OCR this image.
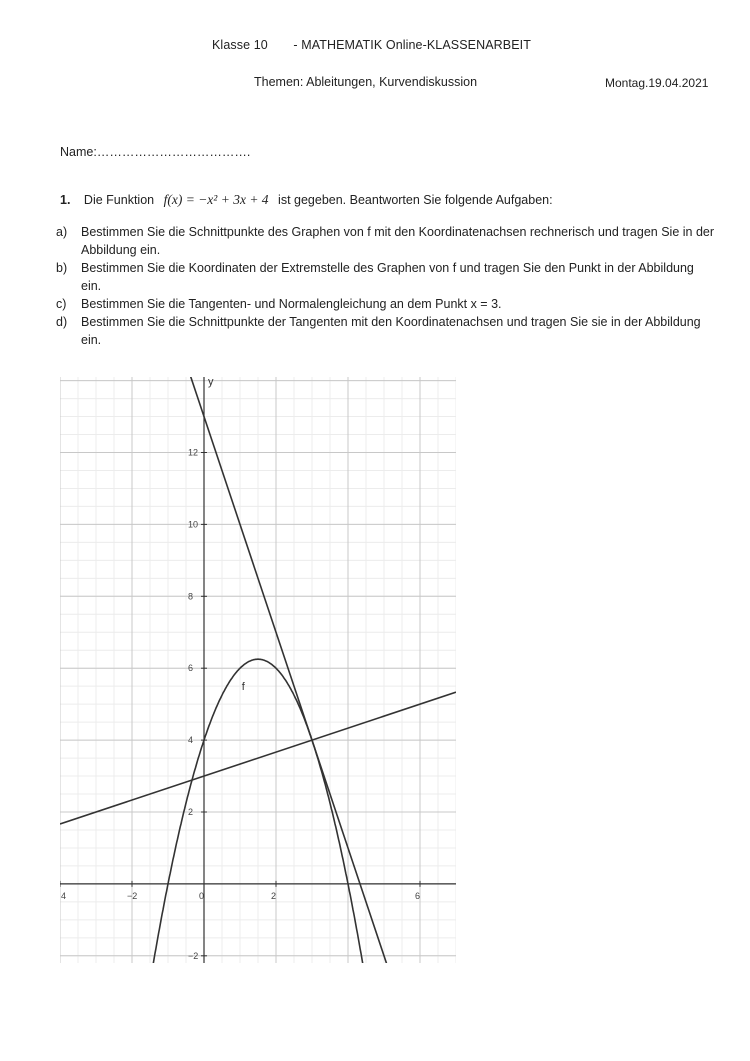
Klasse 10 - MATHEMATIK Online-KLASSENARBEIT
Themen: Ableitungen, Kurvendiskussion	Montag.19.04.2021
Name:……………………………….
1. Die Funktion f(x) = −x² + 3x + 4 ist gegeben. Beantworten Sie folgende Aufgaben:
a)	Bestimmen Sie die Schnittpunkte des Graphen von f mit den Koordinatenachsen rechnerisch und tragen Sie in der Abbildung ein.
b)	Bestimmen Sie die Koordinaten der Extremstelle des Graphen von f und tragen Sie den Punkt in der Abbildung ein.
c)	Bestimmen Sie die Tangenten- und Normalengleichung an dem Punkt x = 3.
d)	Bestimmen Sie die Schnittpunkte der Tangenten mit den Koordinatenachsen und tragen Sie sie in der Abbildung ein.
4	−2	0	2	6
12
10
8
6
4
2
−2
y
f
